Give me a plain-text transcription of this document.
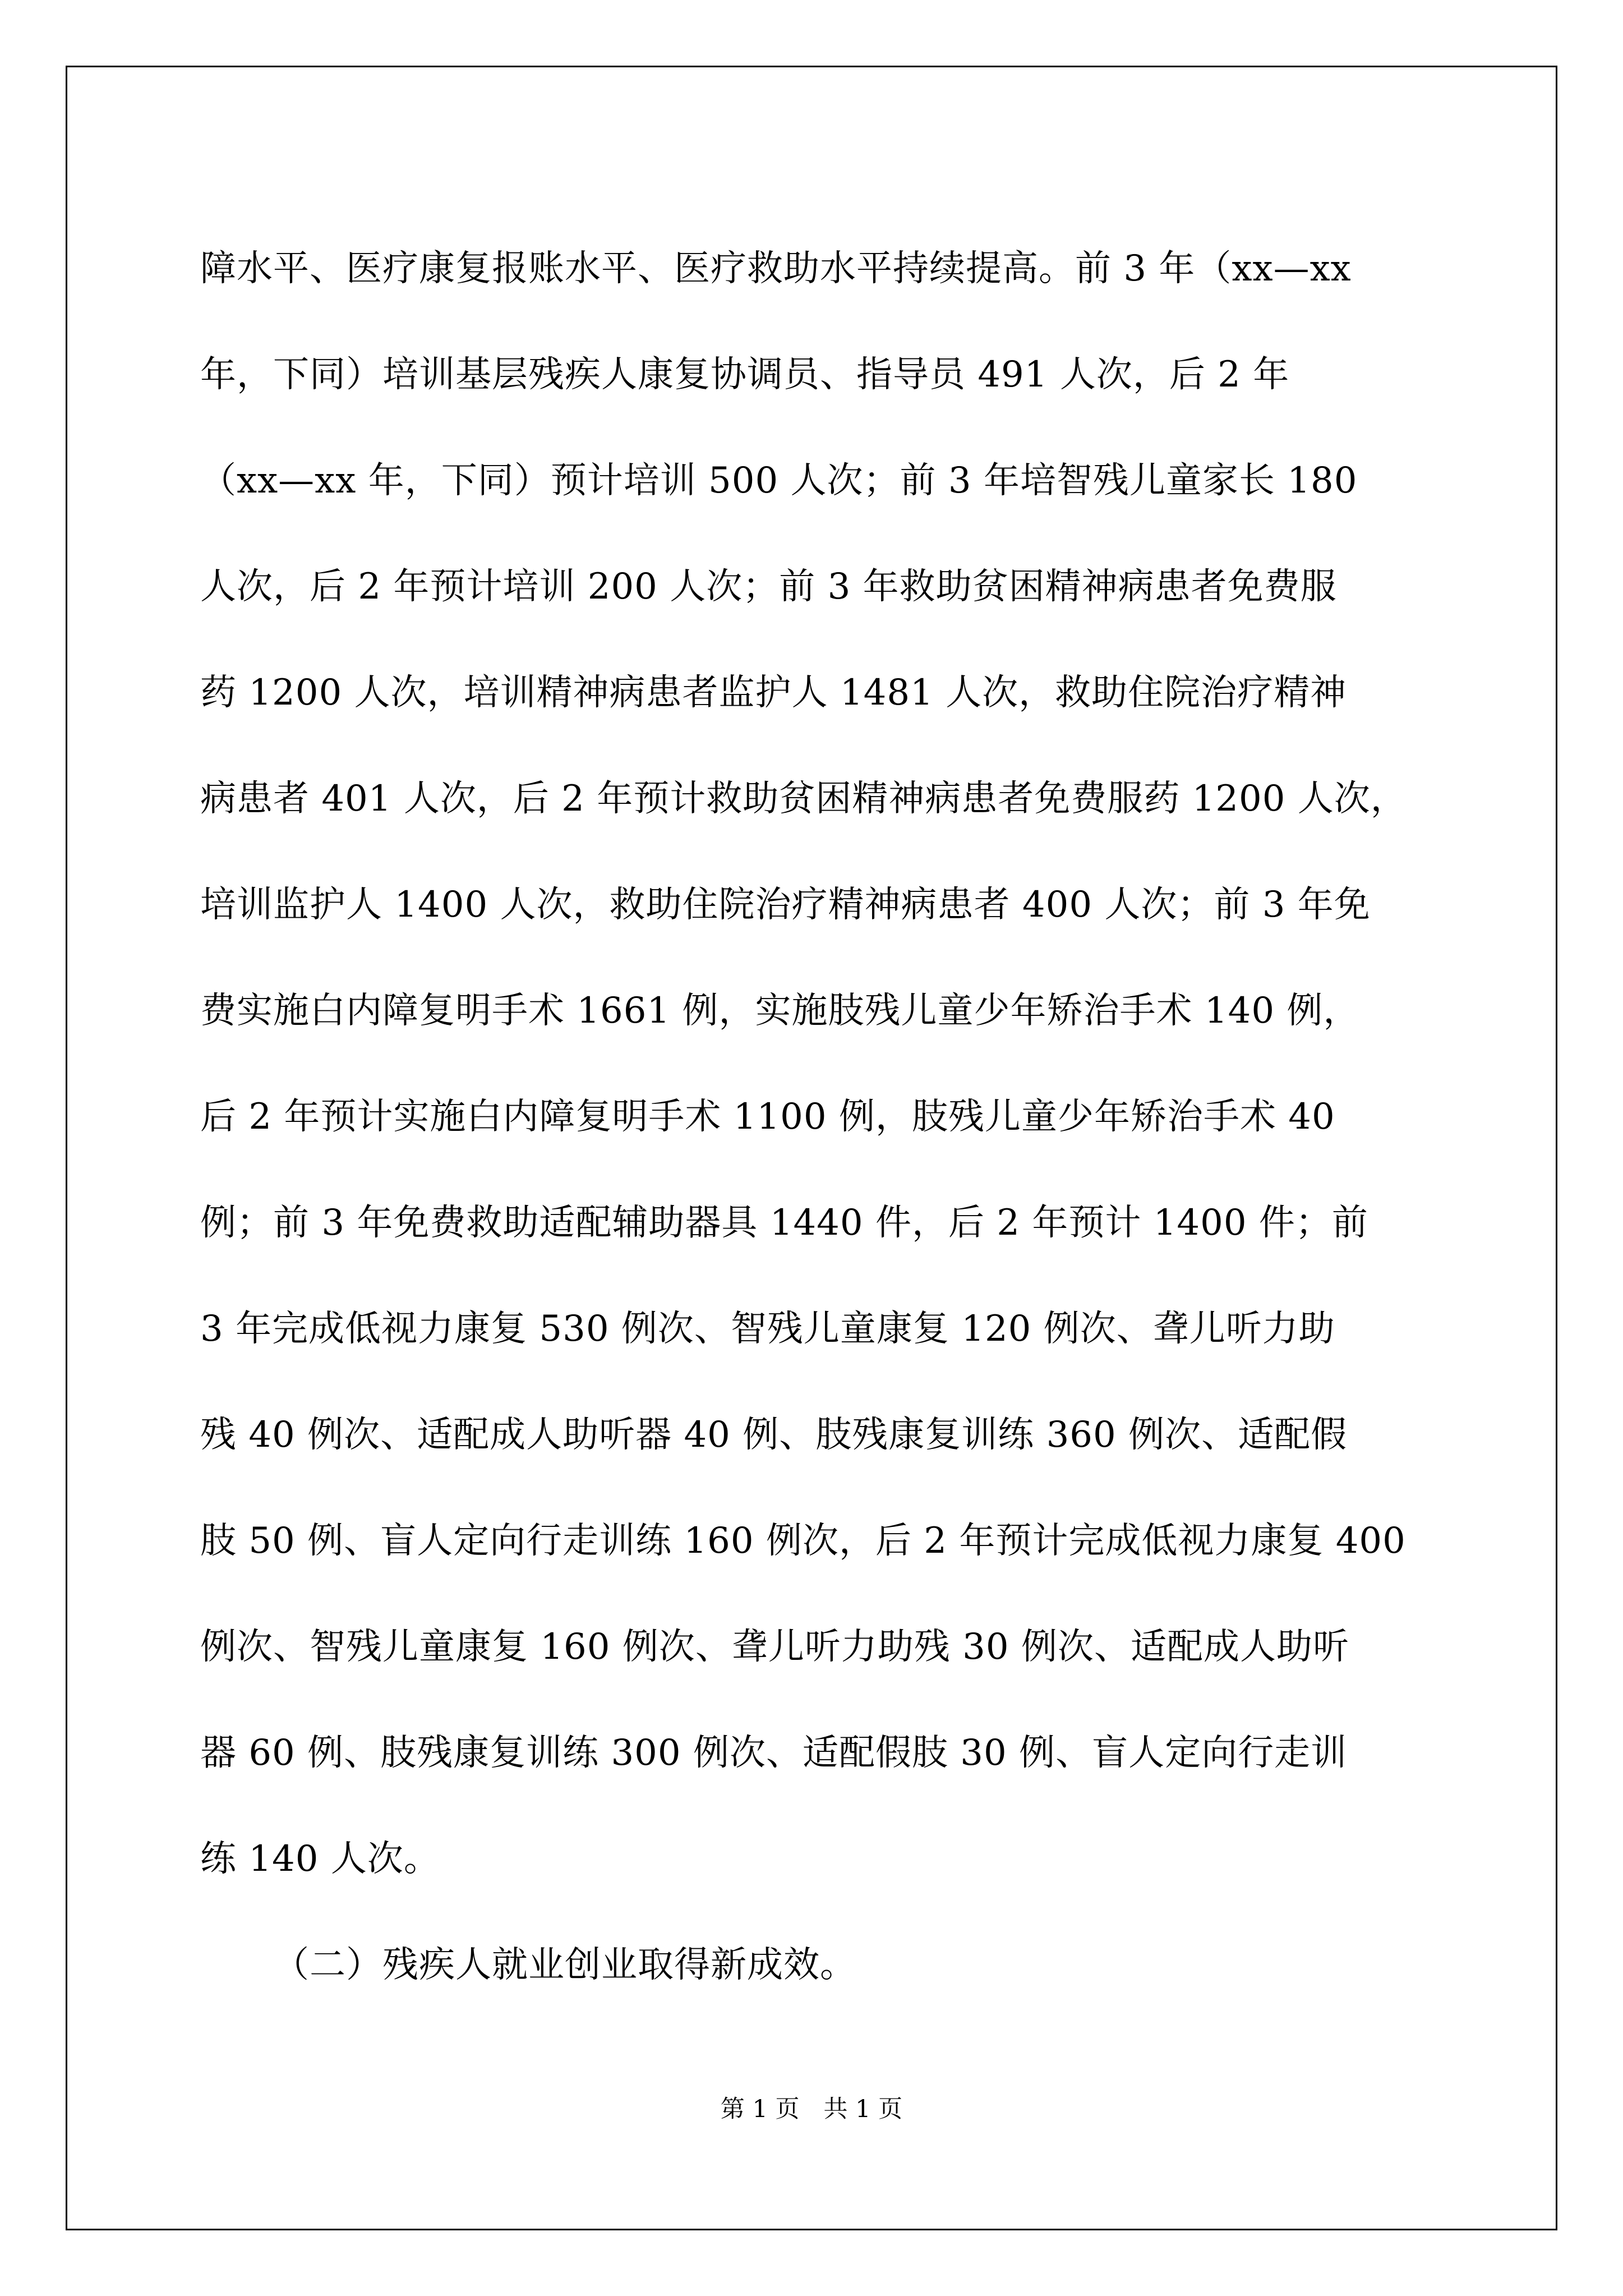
障水平、医疗康复报账水平、医疗救助水平持续提高。前 3 年（xx—xx
年，下同）培训基层残疾人康复协调员、指导员 491 人次，后 2 年
（xx—xx 年，下同）预计培训 500 人次；前 3 年培智残儿童家长 180
人次，后 2 年预计培训 200 人次；前 3 年救助贫困精神病患者免费服
药 1200 人次，培训精神病患者监护人 1481 人次，救助住院治疗精神
病患者 401 人次，后 2 年预计救助贫困精神病患者免费服药 1200 人次，
培训监护人 1400 人次，救助住院治疗精神病患者 400 人次；前 3 年免
费实施白内障复明手术 1661 例，实施肢残儿童少年矫治手术 140 例，
后 2 年预计实施白内障复明手术 1100 例，肢残儿童少年矫治手术 40
例；前 3 年免费救助适配辅助器具 1440 件，后 2 年预计 1400 件；前
3 年完成低视力康复 530 例次、智残儿童康复 120 例次、聋儿听力助
残 40 例次、适配成人助听器 40 例、肢残康复训练 360 例次、适配假
肢 50 例、盲人定向行走训练 160 例次，后 2 年预计完成低视力康复 400
例次、智残儿童康复 160 例次、聋儿听力助残 30 例次、适配成人助听
器 60 例、肢残康复训练 300 例次、适配假肢 30 例、盲人定向行走训
练 140 人次。
（二）残疾人就业创业取得新成效。
第 1 页　共 1 页
